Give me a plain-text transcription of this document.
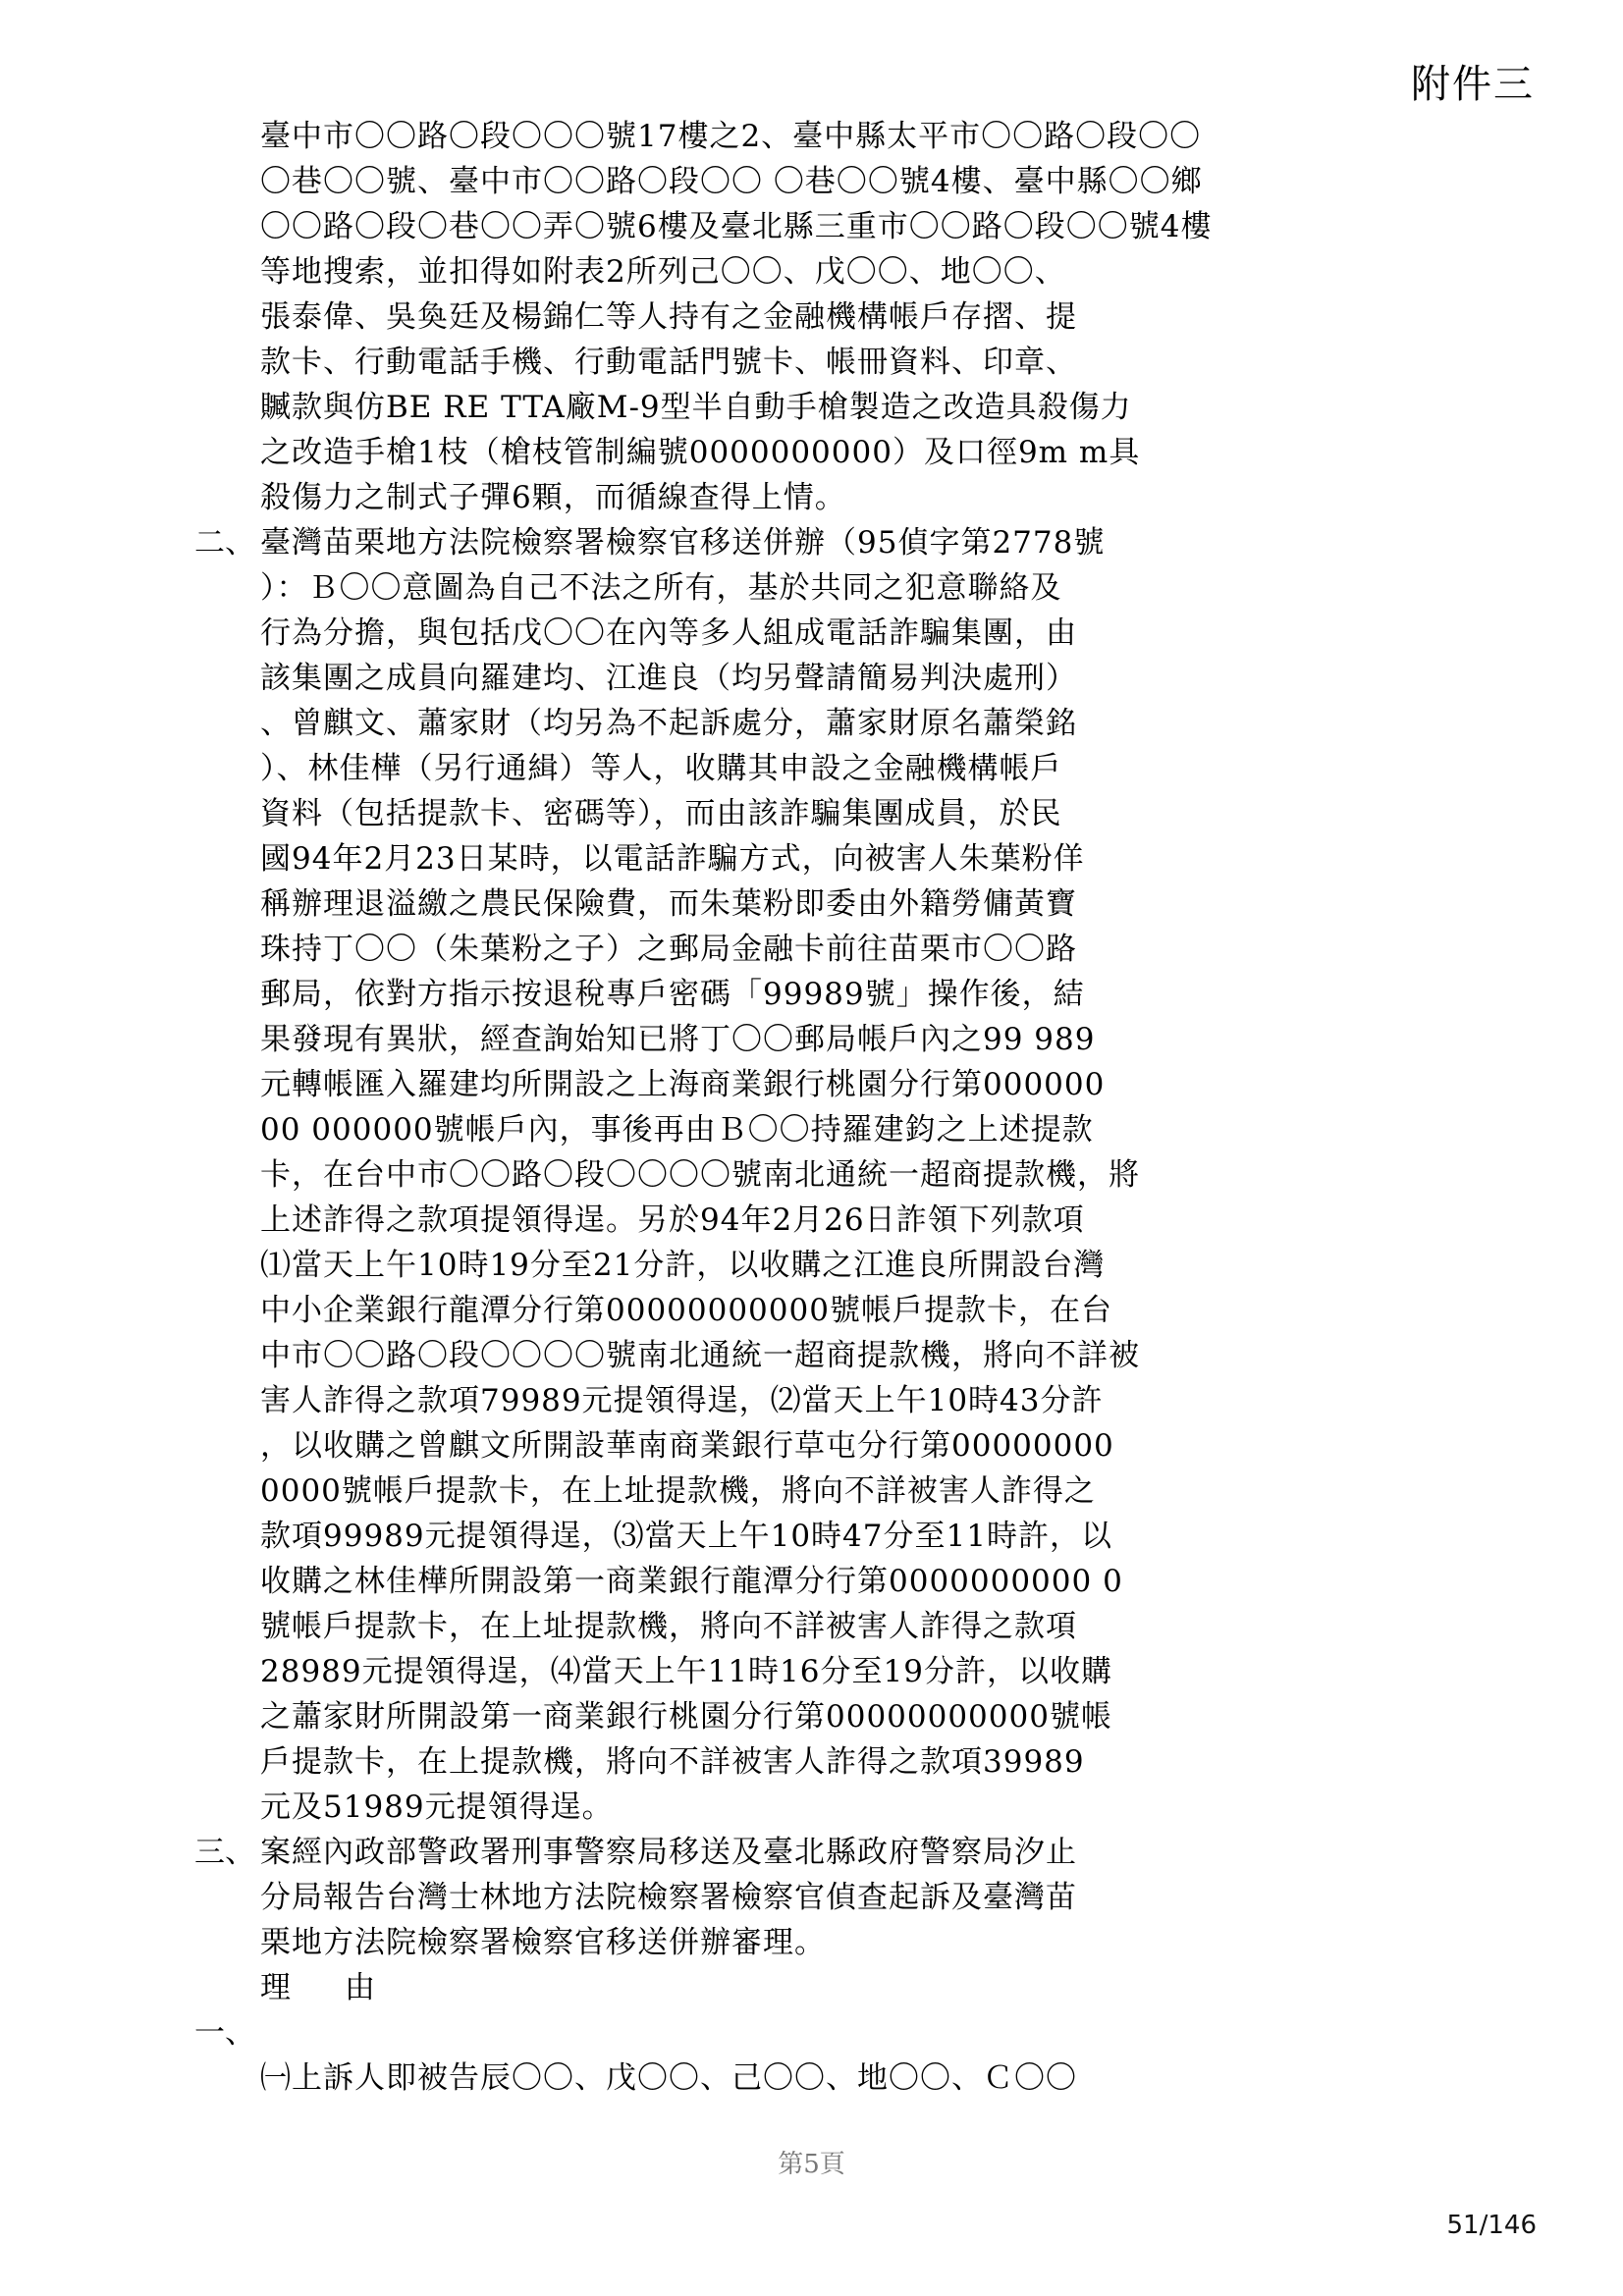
附件三
臺中市〇〇路〇段〇〇〇號17樓之2、臺中縣太平市〇〇路〇段〇〇
〇巷〇〇號、臺中市〇〇路〇段〇〇 〇巷〇〇號4樓、臺中縣〇〇鄉
〇〇路〇段〇巷〇〇弄〇號6樓及臺北縣三重市〇〇路〇段〇〇號4樓
等地搜索，並扣得如附表2所列己〇〇、戊〇〇、地〇〇、
張泰偉、吳奐廷及楊錦仁等人持有之金融機構帳戶存摺、提
款卡、行動電話手機、行動電話門號卡、帳冊資料、印章、
贓款與仿BE RE TTA廠M-9型半自動手槍製造之改造具殺傷力
之改造手槍1枝（槍枝管制編號0000000000）及口徑9m m具
殺傷力之制式子彈6顆，而循線查得上情。
二、 臺灣苗栗地方法院檢察署檢察官移送併辦（95偵字第2778號
）：Ｂ〇〇意圖為自己不法之所有，基於共同之犯意聯絡及
行為分擔，與包括戊〇〇在內等多人組成電話詐騙集團，由
該集團之成員向羅建均、江進良（均另聲請簡易判決處刑）
、曾麒文、蕭家財（均另為不起訴處分，蕭家財原名蕭榮銘
）、林佳樺（另行通緝）等人，收購其申設之金融機構帳戶
資料（包括提款卡、密碼等），而由該詐騙集團成員，於民
國94年2月23日某時，以電話詐騙方式，向被害人朱葉粉佯
稱辦理退溢繳之農民保險費，而朱葉粉即委由外籍勞傭黃寶
珠持丁〇〇（朱葉粉之子）之郵局金融卡前往苗栗市〇〇路
郵局，依對方指示按退稅專戶密碼「99989號」操作後，結
果發現有異狀，經查詢始知已將丁〇〇郵局帳戶內之99 989
元轉帳匯入羅建均所開設之上海商業銀行桃園分行第000000
00 000000號帳戶內，事後再由Ｂ〇〇持羅建鈞之上述提款
卡，在台中市〇〇路〇段〇〇〇〇號南北通統一超商提款機，將
上述詐得之款項提領得逞。另於94年2月26日詐領下列款項
⑴當天上午10時19分至21分許，以收購之江進良所開設台灣
中小企業銀行龍潭分行第00000000000號帳戶提款卡，在台
中市〇〇路〇段〇〇〇〇號南北通統一超商提款機，將向不詳被
害人詐得之款項79989元提領得逞，⑵當天上午10時43分許
，以收購之曾麒文所開設華南商業銀行草屯分行第00000000
0000號帳戶提款卡，在上址提款機，將向不詳被害人詐得之
款項99989元提領得逞，⑶當天上午10時47分至11時許，以
收購之林佳樺所開設第一商業銀行龍潭分行第0000000000 0
號帳戶提款卡，在上址提款機，將向不詳被害人詐得之款項
28989元提領得逞，⑷當天上午11時16分至19分許，以收購
之蕭家財所開設第一商業銀行桃園分行第00000000000號帳
戶提款卡，在上提款機，將向不詳被害人詐得之款項39989
元及51989元提領得逞。
三、 案經內政部警政署刑事警察局移送及臺北縣政府警察局汐止
分局報告台灣士林地方法院檢察署檢察官偵查起訴及臺灣苗
栗地方法院檢察署檢察官移送併辦審理。
理　由
一、
㈠上訴人即被告辰〇〇、戊〇〇、己〇〇、地〇〇、Ｃ〇〇
第5頁
51/146
